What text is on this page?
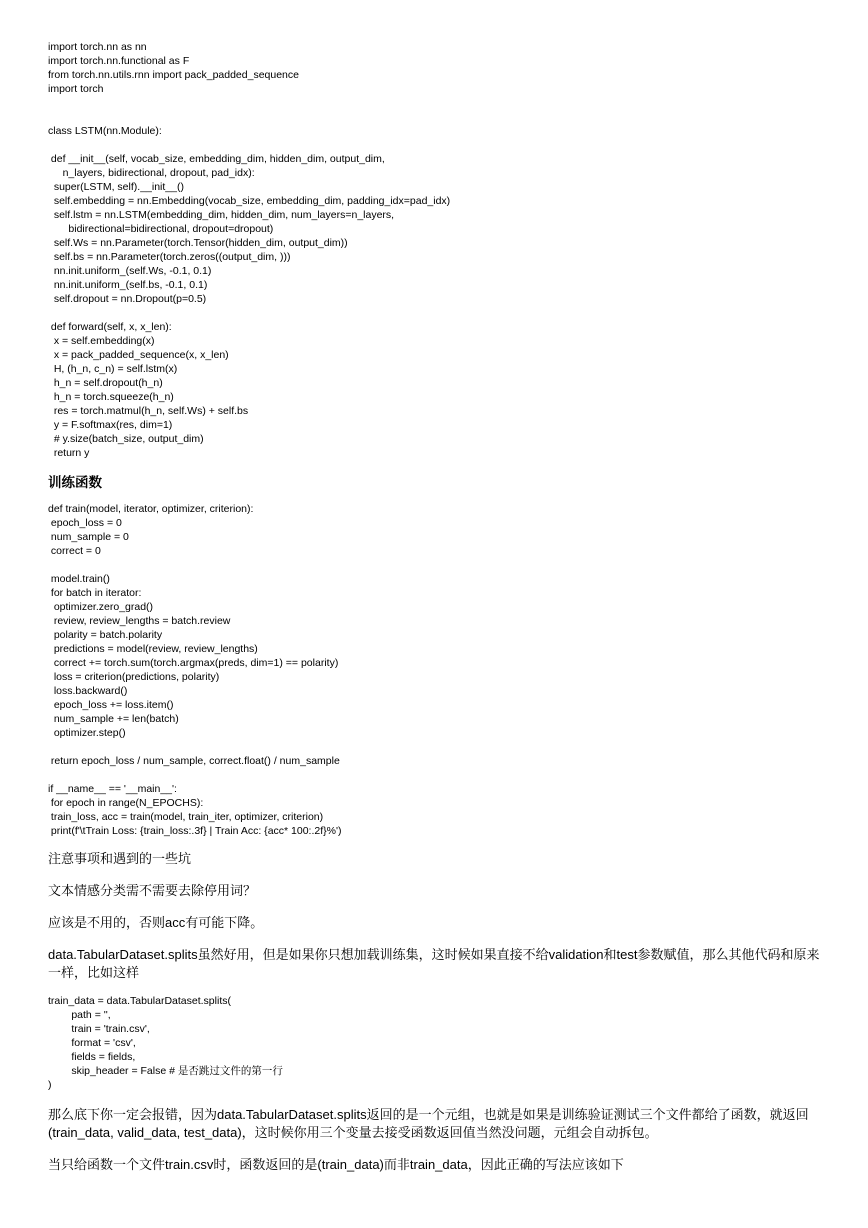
import torch.nn as nn
import torch.nn.functional as F
from torch.nn.utils.rnn import pack_padded_sequence
import torch
class LSTM(nn.Module):
def __init__(self, vocab_size, embedding_dim, hidden_dim, output_dim,
n_layers, bidirectional, dropout, pad_idx):
super(LSTM, self).__init__()
self.embedding = nn.Embedding(vocab_size, embedding_dim, padding_idx=pad_idx)
self.lstm = nn.LSTM(embedding_dim, hidden_dim, num_layers=n_layers,
bidirectional=bidirectional, dropout=dropout)
self.Ws = nn.Parameter(torch.Tensor(hidden_dim, output_dim))
self.bs = nn.Parameter(torch.zeros((output_dim, )))
nn.init.uniform_(self.Ws, -0.1, 0.1)
nn.init.uniform_(self.bs, -0.1, 0.1)
self.dropout = nn.Dropout(p=0.5)
def forward(self, x, x_len):
x = self.embedding(x)
x = pack_padded_sequence(x, x_len)
H, (h_n, c_n) = self.lstm(x)
h_n = self.dropout(h_n)
h_n = torch.squeeze(h_n)
res = torch.matmul(h_n, self.Ws) + self.bs
y = F.softmax(res, dim=1)
# y.size(batch_size, output_dim)
return y

训练函数

def train(model, iterator, optimizer, criterion):
epoch_loss = 0
num_sample = 0
correct = 0
model.train()
for batch in iterator:
optimizer.zero_grad()
review, review_lengths = batch.review
polarity = batch.polarity
predictions = model(review, review_lengths)
correct += torch.sum(torch.argmax(preds, dim=1) == polarity)
loss = criterion(predictions, polarity)
loss.backward()
epoch_loss += loss.item()
num_sample += len(batch)
optimizer.step()
return epoch_loss / num_sample, correct.float() / num_sample
if __name__ == '__main__':
for epoch in range(N_EPOCHS):
train_loss, acc = train(model, train_iter, optimizer, criterion)
print(f'\tTrain Loss: {train_loss:.3f} | Train Acc: {acc* 100:.2f}%')

注意事项和遇到的一些坑

文本情感分类需不需要去除停用词？

应该是不用的，否则acc有可能下降。

data.TabularDataset.splits虽然好用，但是如果你只想加载训练集，这时候如果直接不给validation和test参数赋值，那么其他代码和原来一样，比如这样

train_data = data.TabularDataset.splits(
path = '',
train = 'train.csv',
format = 'csv',
fields = fields,
skip_header = False # 是否跳过文件的第一行
)

那么底下你一定会报错，因为data.TabularDataset.splits返回的是一个元组，也就是如果是训练验证测试三个文件都给了函数，就返回(train_data, valid_data, test_data)，这时候你用三个变量去接受函数返回值当然没问题，元组会自动拆包。

当只给函数一个文件train.csv时，函数返回的是(train_data)而非train_data，因此正确的写法应该如下
